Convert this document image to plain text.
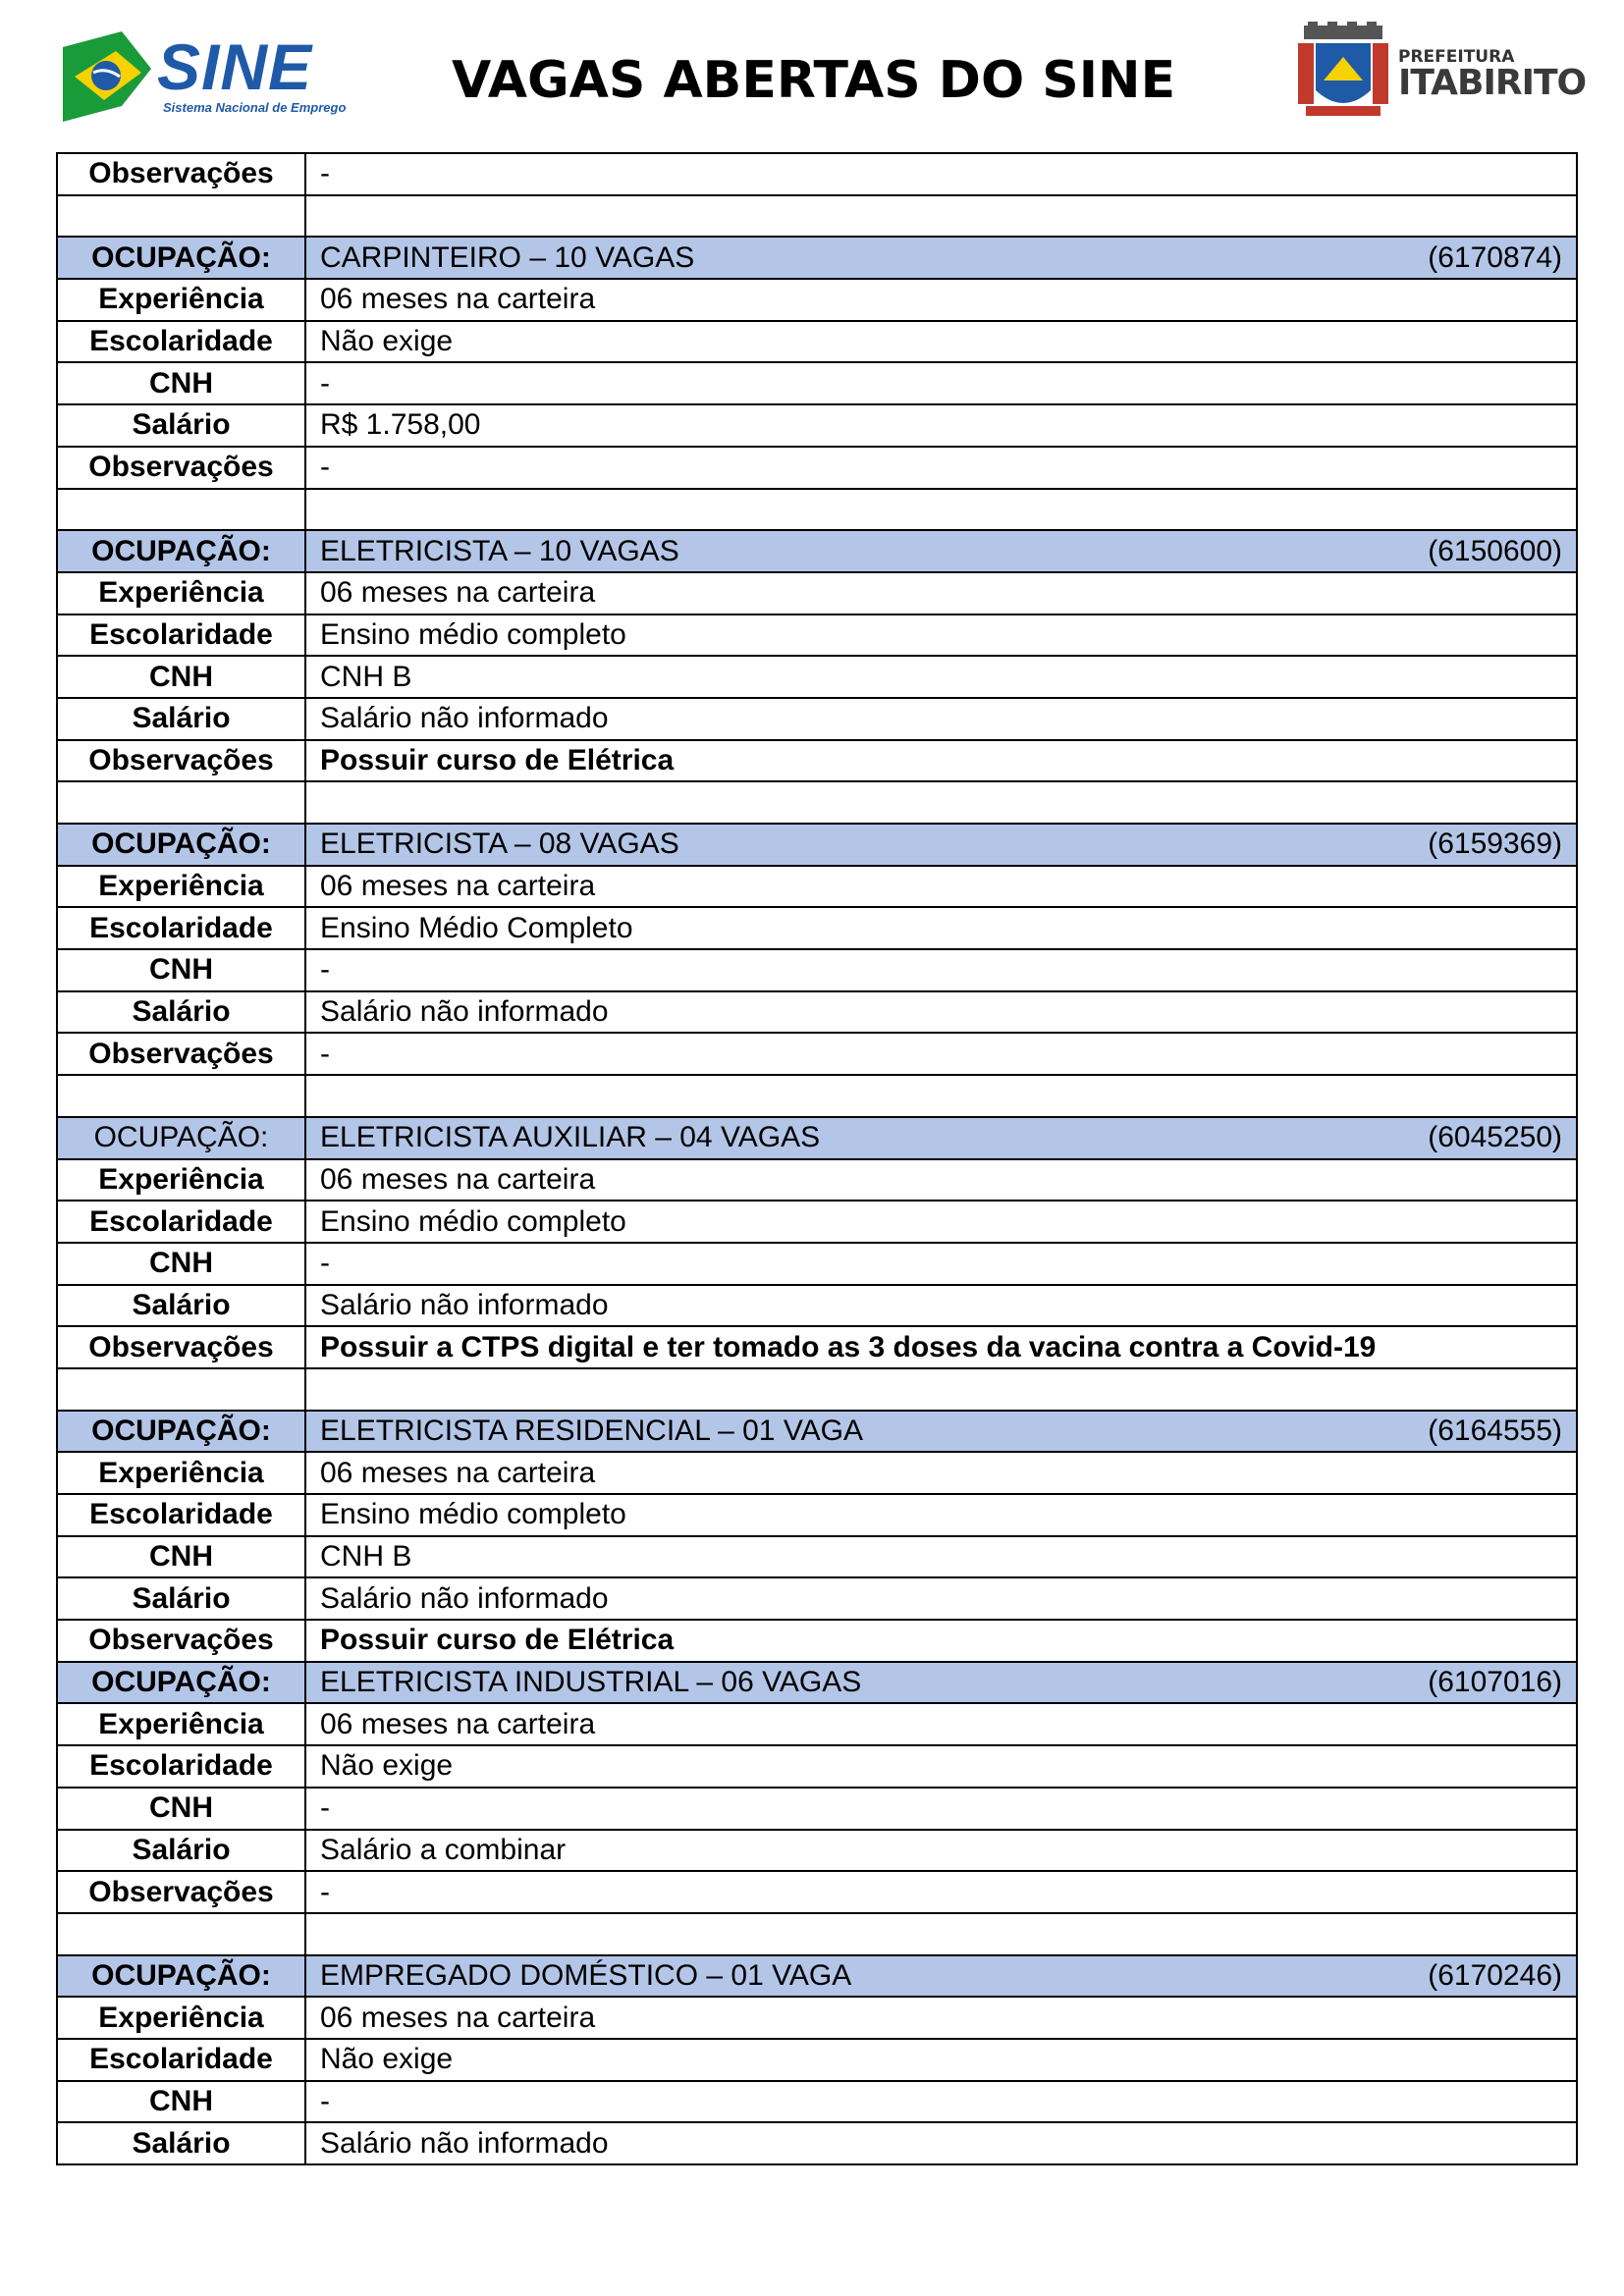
SINE
Sistema Nacional de Emprego VAGAS ABERTAS DO SINE	PREFEITURA
ITABIRITO
Observações	-

OCUPAÇÃO:	CARPINTEIRO – 10 VAGAS (6170874)

Experiência	06 meses na carteira
Escolaridade	Não exige
CNH	-
Salário	R$ 1.758,00
Observações	-

OCUPAÇÃO:	ELETRICISTA – 10 VAGAS (6150600)

Experiência	06 meses na carteira
Escolaridade	Ensino médio completo
CNH	CNH B
Salário	Salário não informado
Observações	Possuir curso de Elétrica

OCUPAÇÃO:	ELETRICISTA – 08 VAGAS (6159369)

Experiência	06 meses na carteira
Escolaridade	Ensino Médio Completo
CNH	-
Salário	Salário não informado
Observações	-

OCUPAÇÃO:	ELETRICISTA AUXILIAR – 04 VAGAS (6045250)

Experiência	06 meses na carteira
Escolaridade	Ensino médio completo
CNH	-
Salário	Salário não informado
Observações	Possuir a CTPS digital e ter tomado as 3 doses da vacina contra a Covid-19

OCUPAÇÃO:	ELETRICISTA RESIDENCIAL – 01 VAGA (6164555)

Experiência	06 meses na carteira
Escolaridade	Ensino médio completo
CNH	CNH B
Salário	Salário não informado
Observações	Possuir curso de Elétrica
OCUPAÇÃO:	ELETRICISTA INDUSTRIAL – 06 VAGAS (6107016)

Experiência	06 meses na carteira
Escolaridade	Não exige
CNH	-
Salário	Salário a combinar
Observações	-

OCUPAÇÃO:	EMPREGADO DOMÉSTICO – 01 VAGA (6170246)

Experiência	06 meses na carteira
Escolaridade	Não exige
CNH	-
Salário	Salário não informado
